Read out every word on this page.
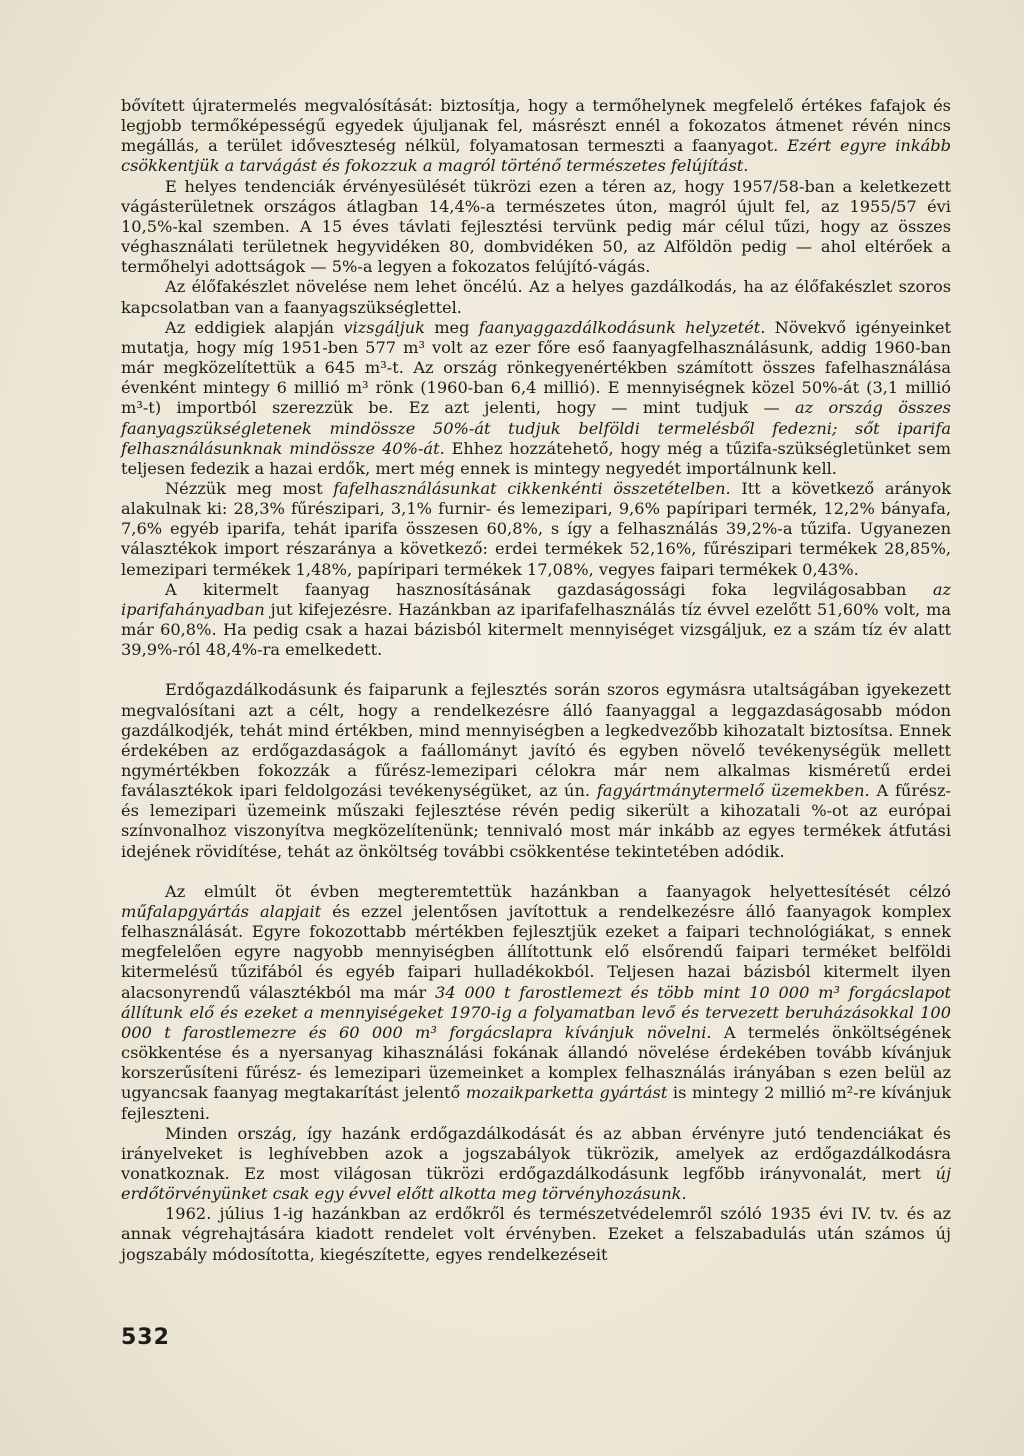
bővített újratermelés megvalósítását: biztosítja, hogy a termőhelynek megfelelő értékes fafajok és legjobb termőképességű egyedek újuljanak fel, másrészt ennél a fokozatos átmenet révén nincs megállás, a terület időveszteség nélkül, folyamatosan termeszti a faanyagot. Ezért egyre inkább csökkentjük a tarvágást és fokozzuk a magról történő természetes felújítást.

E helyes tendenciák érvényesülését tükrözi ezen a téren az, hogy 1957/58-ban a keletkezett vágásterületnek országos átlagban 14,4%-a természetes úton, magról újult fel, az 1955/57 évi 10,5%-kal szemben. A 15 éves távlati fejlesztési tervünk pedig már célul tűzi, hogy az összes véghasználati területnek hegyvidéken 80, dombvidéken 50, az Alföldön pedig — ahol eltérőek a termőhelyi adottságok — 5%-a legyen a fokozatos felújító-vágás.

Az élőfakészlet növelése nem lehet öncélú. Az a helyes gazdálkodás, ha az élőfakészlet szoros kapcsolatban van a faanyagszükséglettel.

Az eddigiek alapján vizsgáljuk meg faanyaggazdálkodásunk helyzetét. Növekvő igényeinket mutatja, hogy míg 1951-ben 577 m³ volt az ezer főre eső faanyagfelhasználásunk, addig 1960-ban már megközelítettük a 645 m³-t. Az ország rönkegyenértékben számított összes fafelhasználása évenként mintegy 6 millió m³ rönk (1960-ban 6,4 millió). E mennyiségnek közel 50%-át (3,1 millió m³-t) importból szerezzük be. Ez azt jelenti, hogy — mint tudjuk — az ország összes faanyagszükségletenek mindössze 50%-át tudjuk belföldi termelésből fedezni; sőt iparifa felhasználásunknak mindössze 40%-át. Ehhez hozzátehető, hogy még a tűzifa-szükségletünket sem teljesen fedezik a hazai erdők, mert még ennek is mintegy negyedét importálnunk kell.

Nézzük meg most fafelhasználásunkat cikkenkénti összetételben. Itt a következő arányok alakulnak ki: 28,3% fűrészipari, 3,1% furnir- és lemezipari, 9,6% papíripari termék, 12,2% bányafa, 7,6% egyéb iparifa, tehát iparifa összesen 60,8%, s így a felhasználás 39,2%-a tűzifa. Ugyanezen választékok import részaránya a következő: erdei termékek 52,16%, fűrészipari termékek 28,85%, lemezipari termékek 1,48%, papíripari termékek 17,08%, vegyes faipari termékek 0,43%.

A kitermelt faanyag hasznosításának gazdaságossági foka legvilágosabban az iparifahányadban jut kifejezésre. Hazánkban az iparifafelhasználás tíz évvel ezelőtt 51,60% volt, ma már 60,8%. Ha pedig csak a hazai bázisból kitermelt mennyiséget vizsgáljuk, ez a szám tíz év alatt 39,9%-ról 48,4%-ra emelkedett.

Erdőgazdálkodásunk és faiparunk a fejlesztés során szoros egymásra utaltságában igyekezett megvalósítani azt a célt, hogy a rendelkezésre álló faanyaggal a leggazdaságosabb módon gazdálkodjék, tehát mind értékben, mind mennyiségben a legkedvezőbb kihozatalt biztosítsa. Ennek érdekében az erdőgazdaságok a faállományt javító és egyben növelő tevékenységük mellett ngymértékben fokozzák a fűrész-lemezipari célokra már nem alkalmas kisméretű erdei faválasztékok ipari feldolgozási tevékenységüket, az ún. fagyártmánytermelő üzemekben. A fűrész- és lemezipari üzemeink műszaki fejlesztése révén pedig sikerült a kihozatali %-ot az európai színvonalhoz viszonyítva megközelítenünk; tennivaló most már inkább az egyes termékek átfutási idejének rövidítése, tehát az önköltség további csökkentése tekintetében adódik.

Az elmúlt öt évben megteremtettük hazánkban a faanyagok helyettesítését célzó műfalapgyártás alapjait és ezzel jelentősen javítottuk a rendelkezésre álló faanyagok komplex felhasználását. Egyre fokozottabb mértékben fejlesztjük ezeket a faipari technológiákat, s ennek megfelelően egyre nagyobb mennyiségben állítottunk elő elsőrendű faipari terméket belföldi kitermelésű tűzifából és egyéb faipari hulladékokból. Teljesen hazai bázisból kitermelt ilyen alacsonyrendű választékból ma már 34 000 t farostlemezt és több mint 10 000 m³ forgácslapot állítunk elő és ezeket a mennyiségeket 1970-ig a folyamatban levő és tervezett beruházásokkal 100 000 t farostlemezre és 60 000 m³ forgácslapra kívánjuk növelni. A termelés önköltségének csökkentése és a nyersanyag kihasználási fokának állandó növelése érdekében tovább kívánjuk korszerűsíteni fűrész- és lemezipari üzemeinket a komplex felhasználás irányában s ezen belül az ugyancsak faanyag megtakarítást jelentő mozaikparketta gyártást is mintegy 2 millió m²-re kívánjuk fejleszteni.

Minden ország, így hazánk erdőgazdálkodását és az abban érvényre jutó tendenciákat és irányelveket is leghívebben azok a jogszabályok tükrözik, amelyek az erdőgazdálkodásra vonatkoznak. Ez most világosan tükrözi erdőgazdálkodásunk legfőbb irányvonalát, mert új erdőtörvényünket csak egy évvel előtt alkotta meg törvényhozásunk.

1962. július 1-ig hazánkban az erdőkről és természetvédelemről szóló 1935 évi IV. tv. és az annak végrehajtására kiadott rendelet volt érvényben. Ezeket a felszabadulás után számos új jogszabály módosította, kiegészítette, egyes rendelkezéseit

532
